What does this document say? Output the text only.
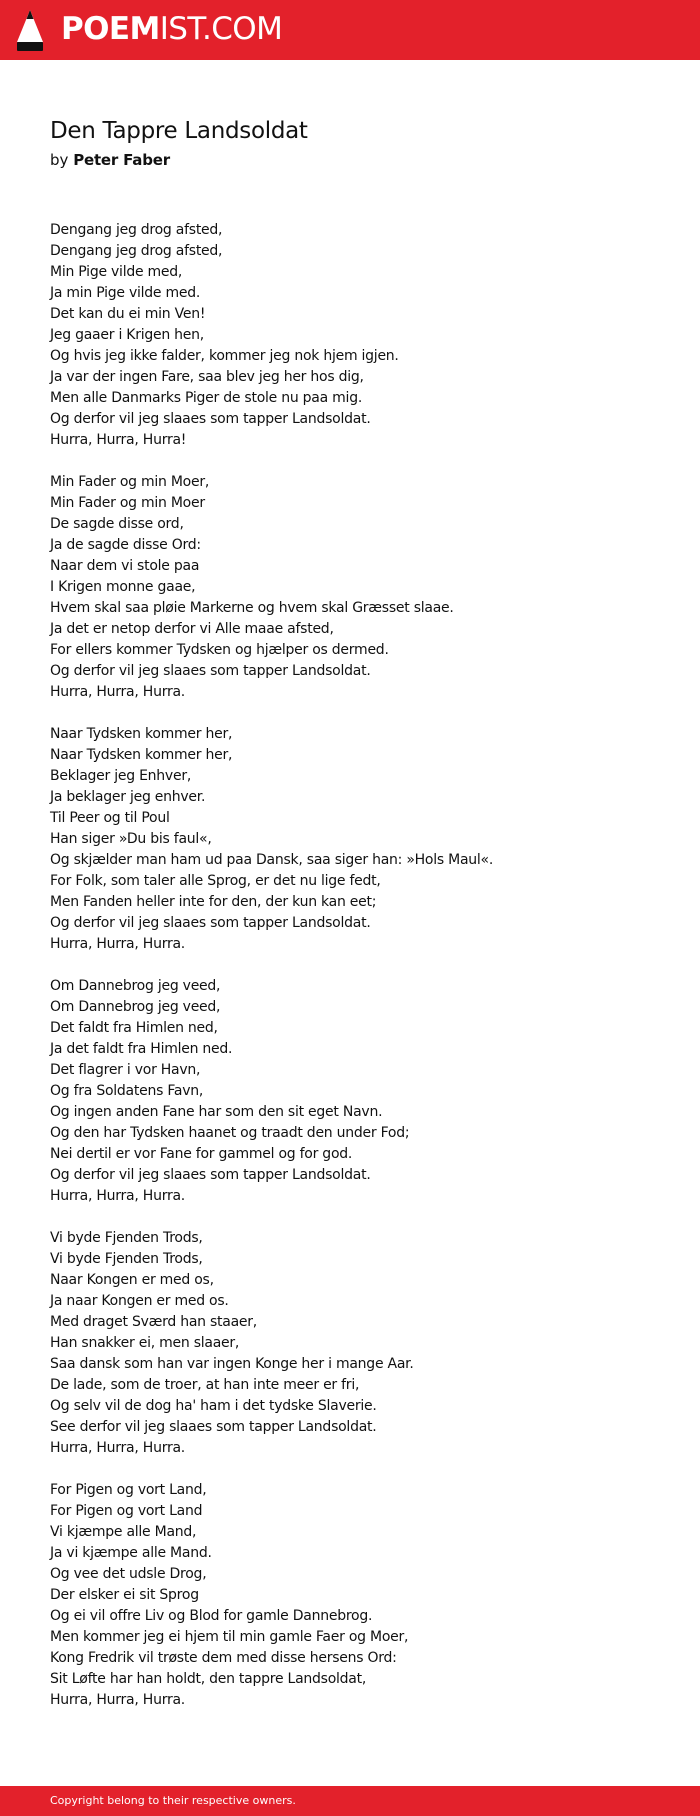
POEMIST.COM
Den Tappre Landsoldat

by Peter Faber

Dengang jeg drog afsted,
Dengang jeg drog afsted,
Min Pige vilde med,
Ja min Pige vilde med.
Det kan du ei min Ven!
Jeg gaaer i Krigen hen,
Og hvis jeg ikke falder, kommer jeg nok hjem igjen.
Ja var der ingen Fare, saa blev jeg her hos dig,
Men alle Danmarks Piger de stole nu paa mig.
Og derfor vil jeg slaaes som tapper Landsoldat.
Hurra, Hurra, Hurra!
Min Fader og min Moer,
Min Fader og min Moer
De sagde disse ord,
Ja de sagde disse Ord:
Naar dem vi stole paa
I Krigen monne gaae,
Hvem skal saa pløie Markerne og hvem skal Græsset slaae.
Ja det er netop derfor vi Alle maae afsted,
For ellers kommer Tydsken og hjælper os dermed.
Og derfor vil jeg slaaes som tapper Landsoldat.
Hurra, Hurra, Hurra.
Naar Tydsken kommer her,
Naar Tydsken kommer her,
Beklager jeg Enhver,
Ja beklager jeg enhver.
Til Peer og til Poul
Han siger »Du bis faul«,
Og skjælder man ham ud paa Dansk, saa siger han: »Hols Maul«.
For Folk, som taler alle Sprog, er det nu lige fedt,
Men Fanden heller inte for den, der kun kan eet;
Og derfor vil jeg slaaes som tapper Landsoldat.
Hurra, Hurra, Hurra.
Om Dannebrog jeg veed,
Om Dannebrog jeg veed,
Det faldt fra Himlen ned,
Ja det faldt fra Himlen ned.
Det flagrer i vor Havn,
Og fra Soldatens Favn,
Og ingen anden Fane har som den sit eget Navn.
Og den har Tydsken haanet og traadt den under Fod;
Nei dertil er vor Fane for gammel og for god.
Og derfor vil jeg slaaes som tapper Landsoldat.
Hurra, Hurra, Hurra.
Vi byde Fjenden Trods,
Vi byde Fjenden Trods,
Naar Kongen er med os,
Ja naar Kongen er med os.
Med draget Sværd han staaer,
Han snakker ei, men slaaer,
Saa dansk som han var ingen Konge her i mange Aar.
De lade, som de troer, at han inte meer er fri,
Og selv vil de dog ha' ham i det tydske Slaverie.
See derfor vil jeg slaaes som tapper Landsoldat.
Hurra, Hurra, Hurra.
For Pigen og vort Land,
For Pigen og vort Land
Vi kjæmpe alle Mand,
Ja vi kjæmpe alle Mand.
Og vee det udsle Drog,
Der elsker ei sit Sprog
Og ei vil offre Liv og Blod for gamle Dannebrog.
Men kommer jeg ei hjem til min gamle Faer og Moer,
Kong Fredrik vil trøste dem med disse hersens Ord:
Sit Løfte har han holdt, den tappre Landsoldat,
Hurra, Hurra, Hurra.
Copyright belong to their respective owners.
